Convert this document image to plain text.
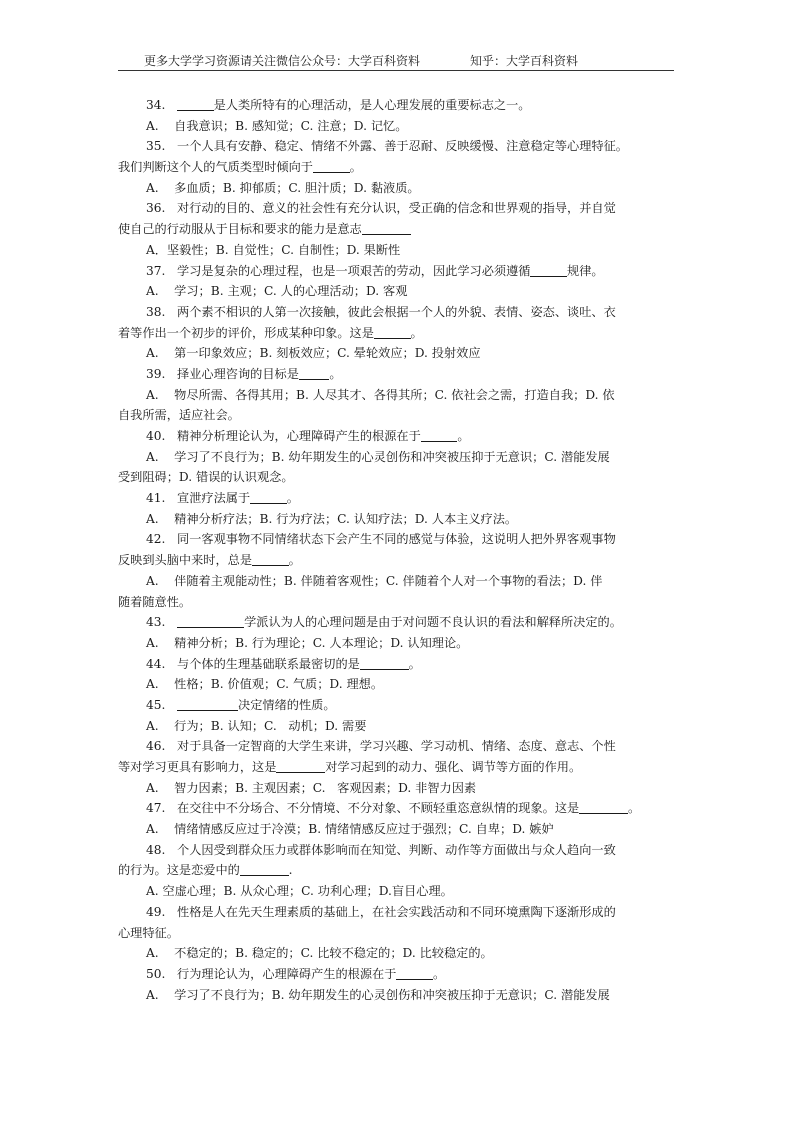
更多大学学习资源请关注微信公众号：大学百科资料	知乎：大学百科资料
34.	是人类所特有的心理活动，是人心理发展的重要标志之一。
A.    自我意识；B. 感知觉；C. 注意；D. 记忆。
35.   一个人具有安静、稳定、情绪不外露、善于忍耐、反映缓慢、注意稳定等心理特征。
我们判断这个人的气质类型时倾向于	。
A.    多血质；B. 抑郁质；C. 胆汁质；D. 黏液质。
36.   对行动的目的、意义的社会性有充分认识，受正确的信念和世界观的指导，并自觉
使自己的行动服从于目标和要求的能力是意志
A．坚毅性；B. 自觉性；C. 自制性；D. 果断性
37.   学习是复杂的心理过程，也是一项艰苦的劳动，因此学习必须遵循	规律。
A.    学习；B. 主观；C. 人的心理活动；D. 客观
38.   两个素不相识的人第一次接触，彼此会根据一个人的外貌、表情、姿态、谈吐、衣
着等作出一个初步的评价，形成某种印象。这是	。
A.    第一印象效应；B. 刻板效应；C. 晕轮效应；D. 投射效应
39.   择业心理咨询的目标是	。
A.    物尽所需、各得其用；B. 人尽其才、各得其所；C. 依社会之需，打造自我；D. 依
自我所需，适应社会。
40.   精神分析理论认为，心理障碍产生的根源在于	。
A.    学习了不良行为；B. 幼年期发生的心灵创伤和冲突被压抑于无意识；C. 潜能发展
受到阻碍；D. 错误的认识观念。
41.   宣泄疗法属于	。
A.    精神分析疗法；B. 行为疗法；C. 认知疗法；D. 人本主义疗法。
42.   同一客观事物不同情绪状态下会产生不同的感觉与体验，这说明人把外界客观事物
反映到头脑中来时，总是	。
A.    伴随着主观能动性；B. 伴随着客观性；C. 伴随着个人对一个事物的看法；D. 伴
随着随意性。
43.	学派认为人的心理问题是由于对问题不良认识的看法和解释所决定的。
A.    精神分析；B. 行为理论；C. 人本理论；D. 认知理论。
44.   与个体的生理基础联系最密切的是	。
A.    性格；B. 价值观；C. 气质；D. 理想。
45.	决定情绪的性质。
A.    行为；B. 认知；C.   动机；D. 需要
46.   对于具备一定智商的大学生来讲，学习兴趣、学习动机、情绪、态度、意志、个性
等对学习更具有影响力，这是	对学习起到的动力、强化、调节等方面的作用。
A.    智力因素；B. 主观因素；C.   客观因素；D. 非智力因素
47.   在交往中不分场合、不分情境、不分对象、不顾轻重恣意纵情的现象。这是	。
A.    情绪情感反应过于冷漠；B. 情绪情感反应过于强烈；C. 自卑；D. 嫉妒
48.   个人因受到群众压力或群体影响而在知觉、判断、动作等方面做出与众人趋向一致
的行为。这是恋爱中的	.
A. 空虚心理；B. 从众心理；C. 功利心理；D.盲目心理。
49.   性格是人在先天生理素质的基础上，在社会实践活动和不同环境熏陶下逐渐形成的
心理特征。
A.    不稳定的；B. 稳定的；C. 比较不稳定的；D. 比较稳定的。
50.   行为理论认为，心理障碍产生的根源在于	。
A.    学习了不良行为；B. 幼年期发生的心灵创伤和冲突被压抑于无意识；C. 潜能发展
